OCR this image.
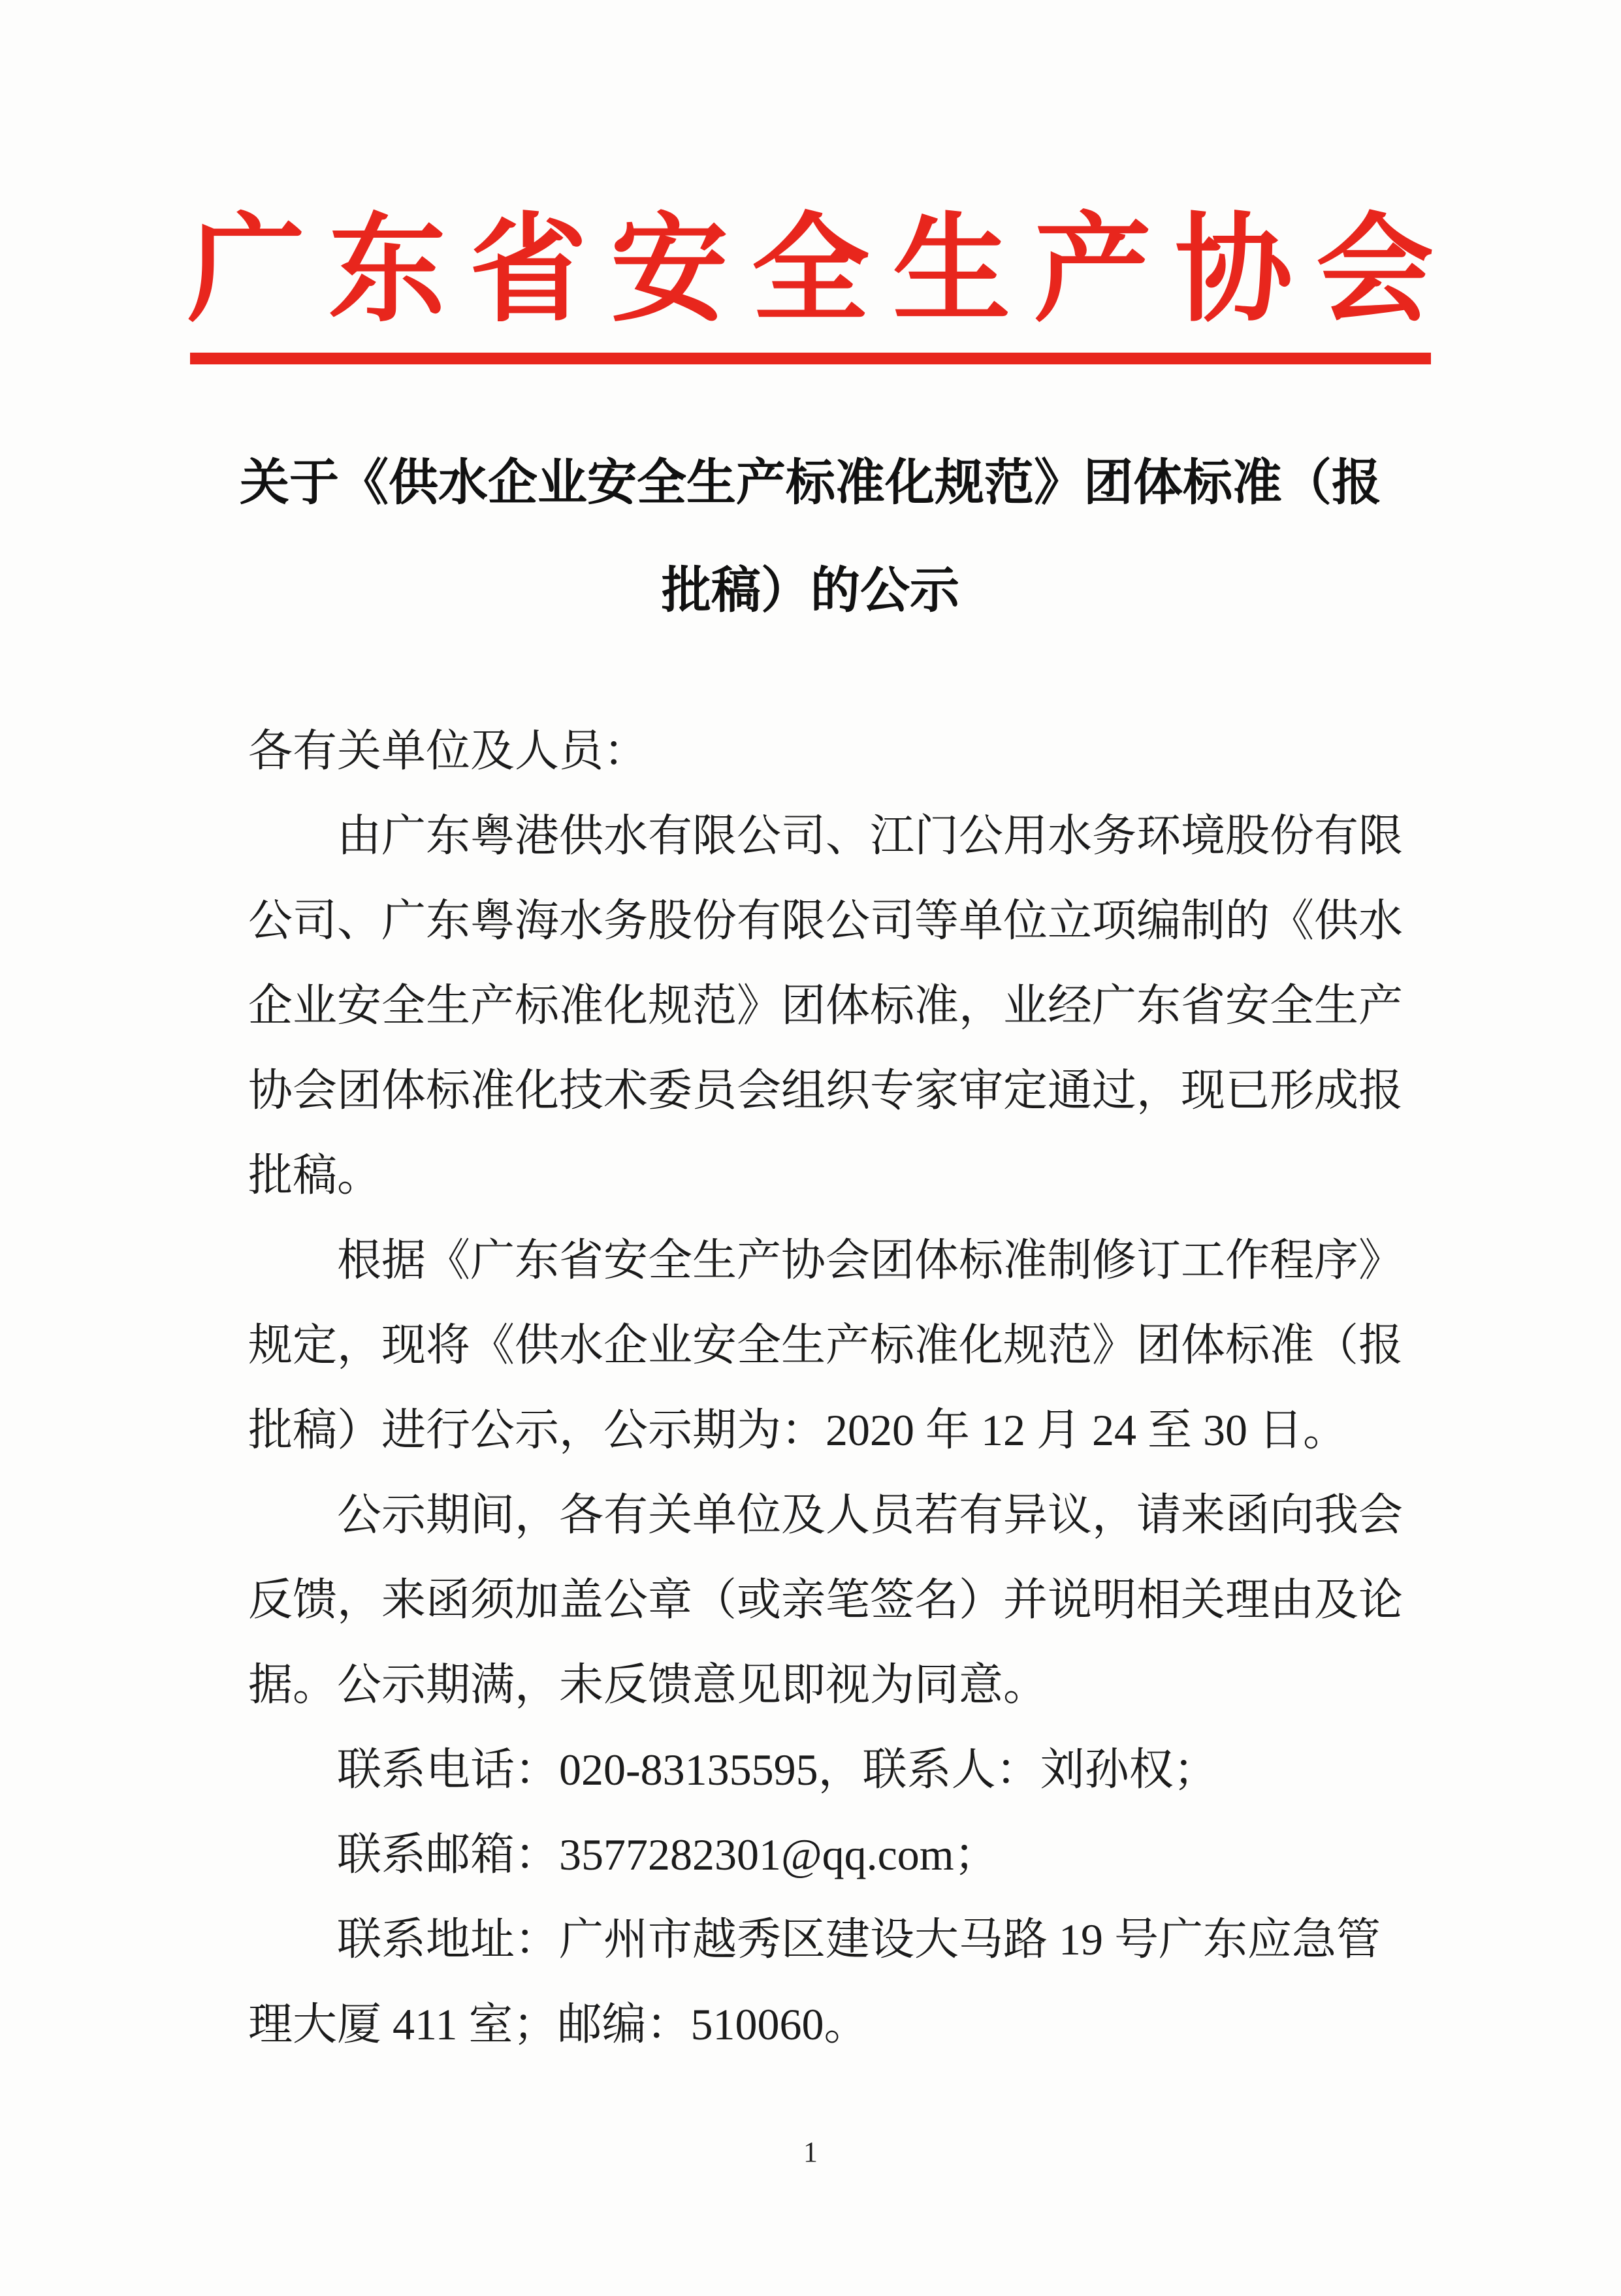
广东省安全生产协会
关于《供水企业安全生产标准化规范》团体标准（报
批稿）的公示
各有关单位及人员：
由广东粤港供水有限公司、江门公用水务环境股份有限
公司、广东粤海水务股份有限公司等单位立项编制的《供水
企业安全生产标准化规范》团体标准，业经广东省安全生产
协会团体标准化技术委员会组织专家审定通过，现已形成报
批稿。
根据《广东省安全生产协会团体标准制修订工作程序》
规定，现将《供水企业安全生产标准化规范》团体标准（报
批稿）进行公示，公示期为：2020 年 12 月 24 至 30 日。
公示期间，各有关单位及人员若有异议，请来函向我会
反馈，来函须加盖公章（或亲笔签名）并说明相关理由及论
据。公示期满，未反馈意见即视为同意。
联系电话：020-83135595，联系人：刘孙权；
联系邮箱：3577282301@qq.com；
联系地址：广州市越秀区建设大马路 19 号广东应急管
理大厦 411 室；邮编：510060。
1
